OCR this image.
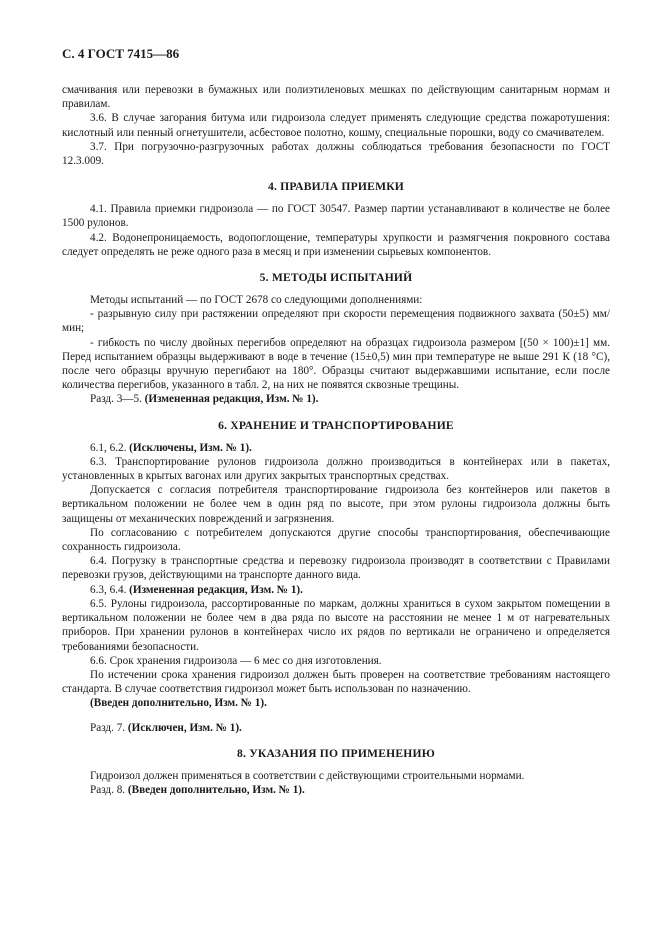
С. 4 ГОСТ 7415—86

смачивания или перевозки в бумажных или полиэтиленовых мешках по действующим санитарным нормам и правилам.

3.6. В случае загорания битума или гидроизола следует применять следующие средства пожаротушения: кислотный или пенный огнетушители, асбестовое полотно, кошму, специальные порошки, воду со смачивателем.

3.7. При погрузочно-разгрузочных работах должны соблюдаться требования безопасности по ГОСТ 12.3.009.

4. ПРАВИЛА ПРИЕМКИ

4.1. Правила приемки гидроизола — по ГОСТ 30547. Размер партии устанавливают в количестве не более 1500 рулонов.

4.2. Водонепроницаемость, водопоглощение, температуры хрупкости и размягчения покровного состава следует определять не реже одного раза в месяц и при изменении сырьевых компонентов.

5. МЕТОДЫ ИСПЫТАНИЙ

Методы испытаний — по ГОСТ 2678 со следующими дополнениями:

- разрывную силу при растяжении определяют при скорости перемещения подвижного захвата (50±5) мм/мин;

- гибкость по числу двойных перегибов определяют на образцах гидроизола размером [(50 × 100)±1] мм. Перед испытанием образцы выдерживают в воде в течение (15±0,5) мин при температуре не выше 291 К (18 °С), после чего образцы вручную перегибают на 180°. Образцы считают выдержавшими испытание, если после количества перегибов, указанного в табл. 2, на них не появятся сквозные трещины.

Разд. 3—5. (Измененная редакция, Изм. № 1).

6. ХРАНЕНИЕ И ТРАНСПОРТИРОВАНИЕ

6.1, 6.2. (Исключены, Изм. № 1).

6.3. Транспортирование рулонов гидроизола должно производиться в контейнерах или в пакетах, установленных в крытых вагонах или других закрытых транспортных средствах.

Допускается с согласия потребителя транспортирование гидроизола без контейнеров или пакетов в вертикальном положении не более чем в один ряд по высоте, при этом рулоны гидроизола должны быть защищены от механических повреждений и загрязнения.

По согласованию с потребителем допускаются другие способы транспортирования, обеспечивающие сохранность гидроизола.

6.4. Погрузку в транспортные средства и перевозку гидроизола производят в соответствии с Правилами перевозки грузов, действующими на транспорте данного вида.

6.3, 6.4. (Измененная редакция, Изм. № 1).

6.5. Рулоны гидроизола, рассортированные по маркам, должны храниться в сухом закрытом помещении в вертикальном положении не более чем в два ряда по высоте на расстоянии не менее 1 м от нагревательных приборов. При хранении рулонов в контейнерах число их рядов по вертикали не ограничено и определяется требованиями безопасности.

6.6. Срок хранения гидроизола — 6 мес со дня изготовления.

По истечении срока хранения гидроизол должен быть проверен на соответствие требованиям настоящего стандарта. В случае соответствия гидроизол может быть использован по назначению.

(Введен дополнительно, Изм. № 1).

Разд. 7. (Исключен, Изм. № 1).

8. УКАЗАНИЯ ПО ПРИМЕНЕНИЮ

Гидроизол должен применяться в соответствии с действующими строительными нормами.

Разд. 8. (Введен дополнительно, Изм. № 1).
